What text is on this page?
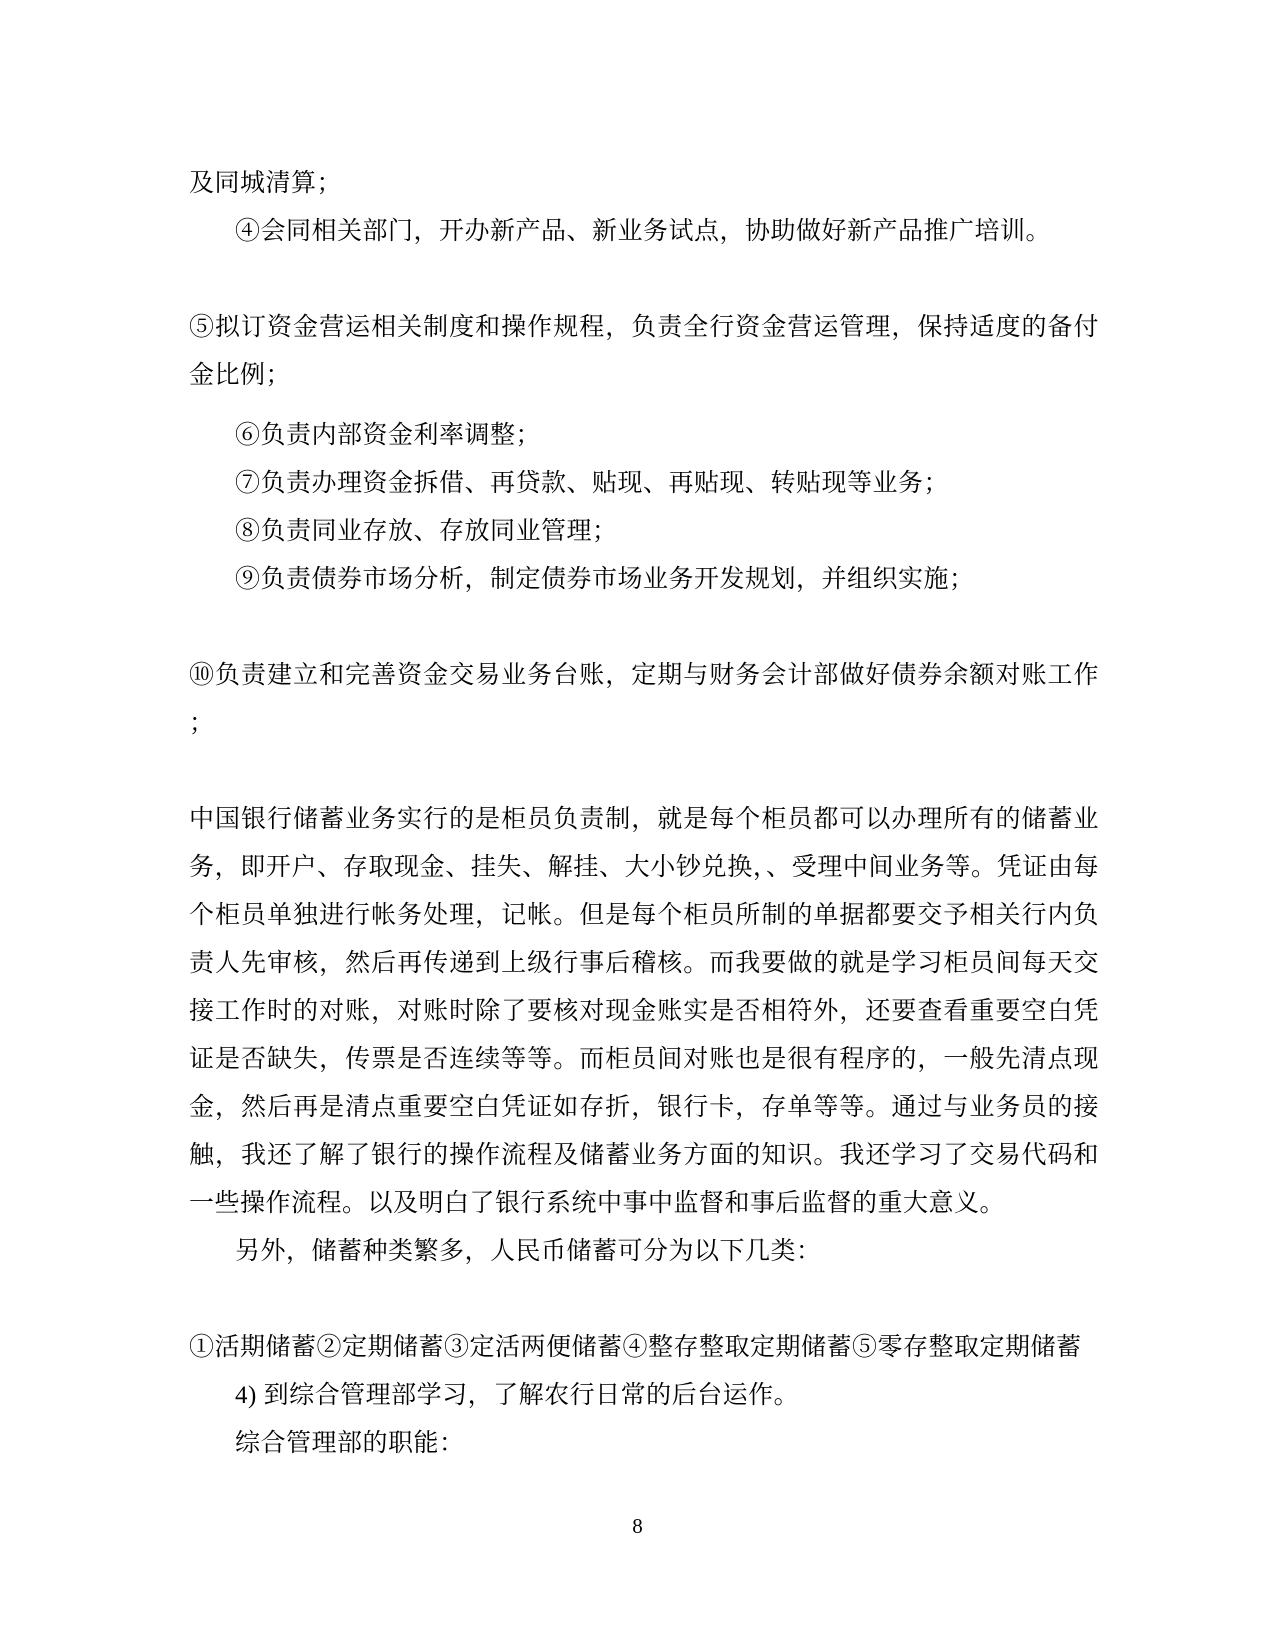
及同城清算；

④会同相关部门，开办新产品、新业务试点，协助做好新产品推广培训。

⑤拟订资金营运相关制度和操作规程，负责全行资金营运管理，保持适度的备付金比例；

⑥负责内部资金利率调整；

⑦负责办理资金拆借、再贷款、贴现、再贴现、转贴现等业务；

⑧负责同业存放、存放同业管理；

⑨负责债券市场分析，制定债券市场业务开发规划，并组织实施；

⑩负责建立和完善资金交易业务台账，定期与财务会计部做好债券余额对账工作；

中国银行储蓄业务实行的是柜员负责制，就是每个柜员都可以办理所有的储蓄业务，即开户、存取现金、挂失、解挂、大小钞兑换，、受理中间业务等。凭证由每个柜员单独进行帐务处理，记帐。但是每个柜员所制的单据都要交予相关行内负责人先审核，然后再传递到上级行事后稽核。而我要做的就是学习柜员间每天交接工作时的对账，对账时除了要核对现金账实是否相符外，还要查看重要空白凭证是否缺失，传票是否连续等等。而柜员间对账也是很有程序的，一般先清点现金，然后再是清点重要空白凭证如存折，银行卡，存单等等。通过与业务员的接触，我还了解了银行的操作流程及储蓄业务方面的知识。我还学习了交易代码和一些操作流程。以及明白了银行系统中事中监督和事后监督的重大意义。

另外，储蓄种类繁多，人民币储蓄可分为以下几类：

①活期储蓄②定期储蓄③定活两便储蓄④整存整取定期储蓄⑤零存整取定期储蓄

4) 到综合管理部学习，了解农行日常的后台运作。

综合管理部的职能：

8
